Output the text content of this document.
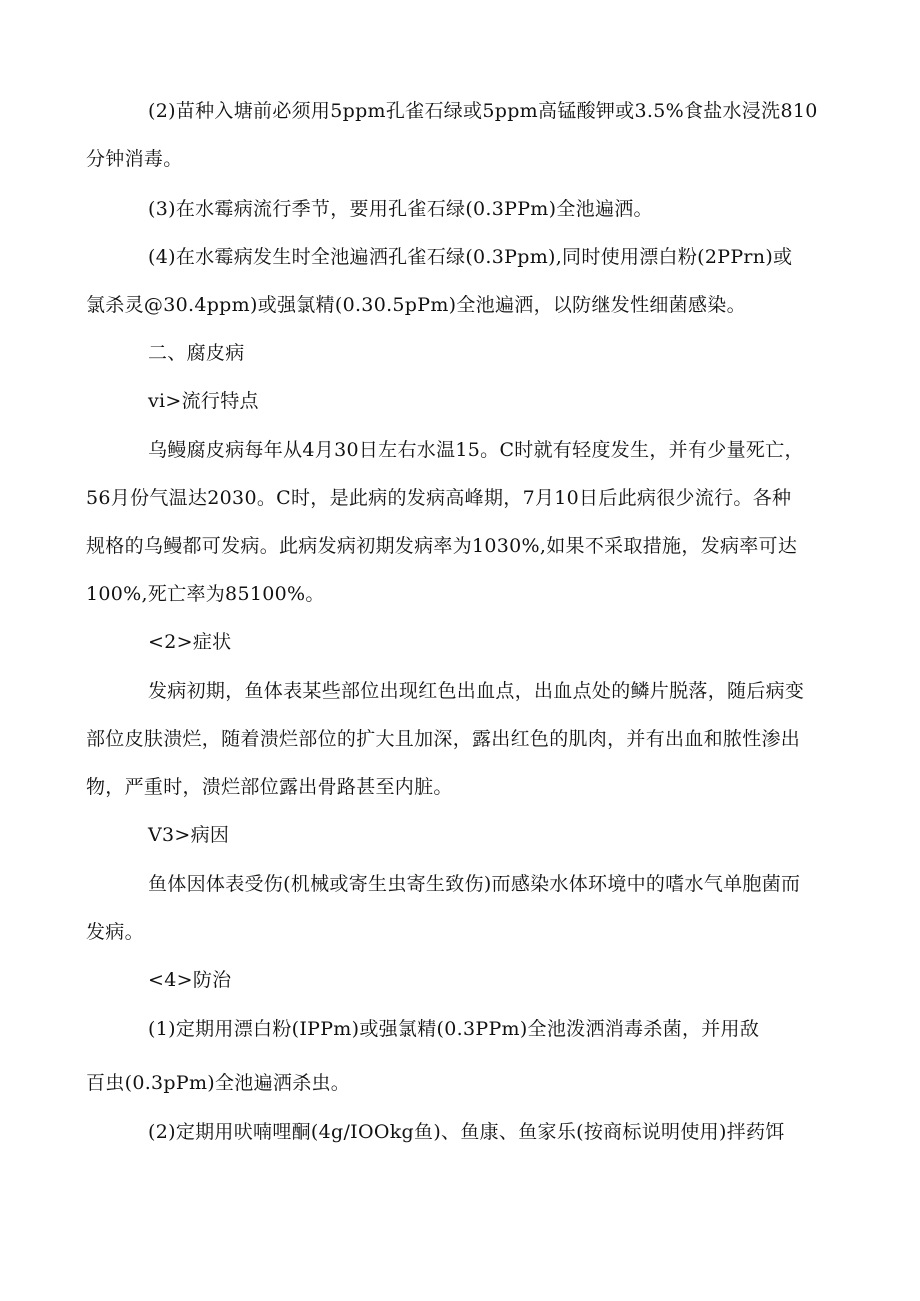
(2)苗种入塘前必须用5ppm孔雀石绿或5ppm高锰酸钾或3.5%食盐水浸洗810
分钟消毒。
(3)在水霉病流行季节，要用孔雀石绿(0.3PPm)全池遍洒。
(4)在水霉病发生时全池遍洒孔雀石绿(0.3Ppm),同时使用漂白粉(2PPrn)或
氯杀灵@30.4ppm)或强氯精(0.30.5pPm)全池遍洒，以防继发性细菌感染。
二、腐皮病
vi>流行特点
乌鳗腐皮病每年从4月30日左右水温15。C时就有轻度发生，并有少量死亡，
56月份气温达2030。C时，是此病的发病高峰期，7月10日后此病很少流行。各种
规格的乌鳗都可发病。此病发病初期发病率为1030%,如果不采取措施，发病率可达
100%,死亡率为85100%。
<2>症状
发病初期，鱼体表某些部位出现红色出血点，出血点处的鳞片脱落，随后病变
部位皮肤溃烂，随着溃烂部位的扩大且加深，露出红色的肌肉，并有出血和脓性渗出
物，严重时，溃烂部位露出骨路甚至内脏。
V3>病因
鱼体因体表受伤(机械或寄生虫寄生致伤)而感染水体环境中的嗜水气单胞菌而
发病。
<4>防治
(1)定期用漂白粉(IPPm)或强氯精(0.3PPm)全池泼洒消毒杀菌，并用敌
百虫(0.3pPm)全池遍洒杀虫。
(2)定期用吠喃哩酮(4g/IOOkg鱼)、鱼康、鱼家乐(按商标说明使用)拌药饵
